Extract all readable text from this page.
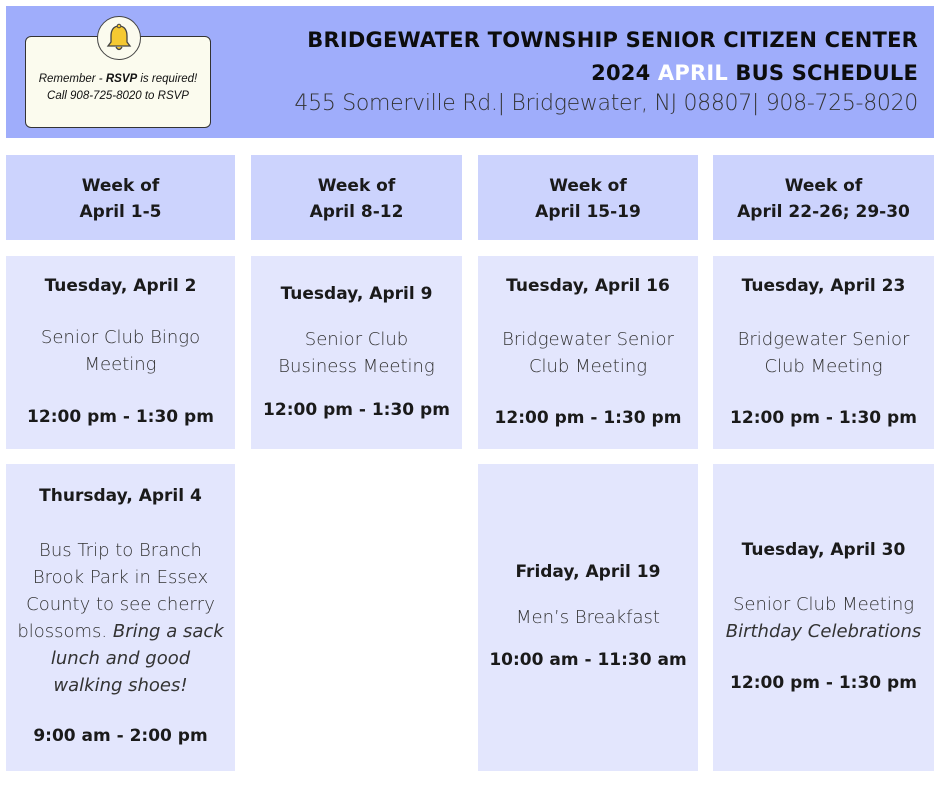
Remember - RSVP is required!
Call 908-725-8020 to RSVP
BRIDGEWATER TOWNSHIP SENIOR CITIZEN CENTER
2024 APRIL BUS SCHEDULE
455 Somerville Rd.| Bridgewater, NJ 08807| 908-725-8020
Week of
April 1-5
Week of
April 8-12
Week of
April 15-19
Week of
April 22-26; 29-30
Tuesday, April 2
Senior Club Bingo
Meeting
12:00 pm - 1:30 pm
Tuesday, April 9
Senior Club
Business Meeting
12:00 pm - 1:30 pm
Tuesday, April 16
Bridgewater Senior
Club Meeting
12:00 pm - 1:30 pm
Tuesday, April 23
Bridgewater Senior
Club Meeting
12:00 pm - 1:30 pm
Thursday, April 4
Bus Trip to Branch
Brook Park in Essex
County to see cherry
blossoms. Bring a sack
lunch and good
walking shoes!
9:00 am - 2:00 pm
Friday, April 19
Men’s Breakfast
10:00 am - 11:30 am
Tuesday, April 30
Senior Club Meeting
Birthday Celebrations
12:00 pm - 1:30 pm
